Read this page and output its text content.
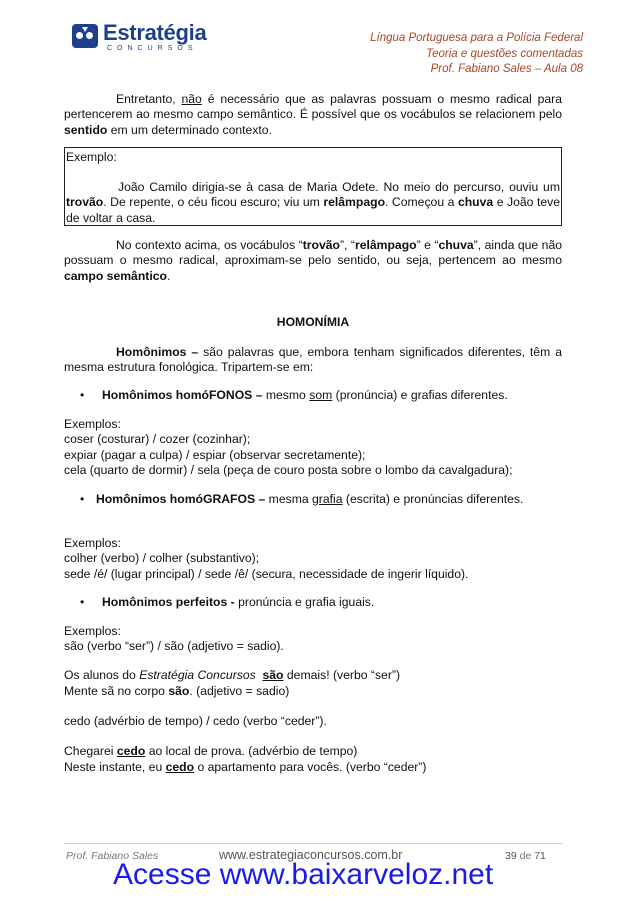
Estratégia
CONCURSOS
Língua Portuguesa para a Polícia Federal
Teoria e questões comentadas
Prof. Fabiano Sales – Aula 08
Entretanto, não é necessário que as palavras possuam o mesmo radical para pertencerem ao mesmo campo semântico. É possível que os vocábulos se relacionem pelo sentido em um determinado contexto.
Exemplo:
João Camilo dirigia-se à casa de Maria Odete. No meio do percurso, ouviu um trovão. De repente, o céu ficou escuro; viu um relâmpago. Começou a chuva e João teve de voltar a casa.
No contexto acima, os vocábulos “trovão”, “relâmpago” e “chuva”, ainda que não possuam o mesmo radical, aproximam-se pelo sentido, ou seja, pertencem ao mesmo campo semântico.
HOMONÍMIA
Homônimos – são palavras que, embora tenham significados diferentes, têm a mesma estrutura fonológica. Tripartem-se em:
• Homônimos homóFONOS – mesmo som (pronúncia) e grafias diferentes.
Exemplos:
coser (costurar) / cozer (cozinhar);
expiar (pagar a culpa) / espiar (observar secretamente);
cela (quarto de dormir) / sela (peça de couro posta sobre o lombo da cavalgadura);
• Homônimos homóGRAFOS – mesma grafia (escrita) e pronúncias diferentes.
Exemplos:
colher (verbo) / colher (substantivo);
sede /é/ (lugar principal) / sede /ê/ (secura, necessidade de ingerir líquido).
• Homônimos perfeitos - pronúncia e grafia iguais.
Exemplos:
são (verbo “ser”) / são (adjetivo = sadio).
Os alunos do Estratégia Concursos são demais! (verbo “ser”)
Mente sã no corpo são. (adjetivo = sadio)
cedo (advérbio de tempo) / cedo (verbo “ceder”).
Chegarei cedo ao local de prova. (advérbio de tempo)
Neste instante, eu cedo o apartamento para vocês. (verbo “ceder”)
Prof. Fabiano Sales	www.estrategiaconcursos.com.br	39 de 71
Acesse www.baixarveloz.net
